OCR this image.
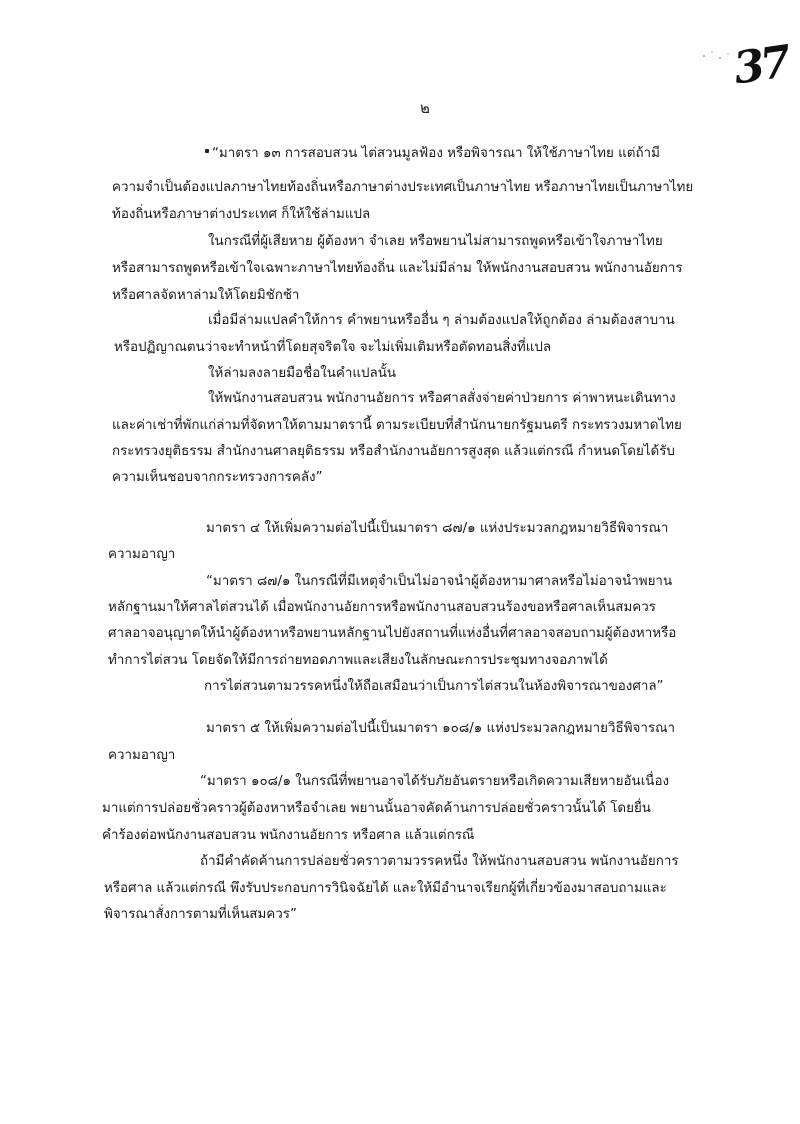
37
๒
“มาตรา ๑๓ การสอบสวน ไต่สวนมูลฟ้อง หรือพิจารณา ให้ใช้ภาษาไทย แต่ถ้ามี
ความจำเป็นต้องแปลภาษาไทยท้องถิ่นหรือภาษาต่างประเทศเป็นภาษาไทย หรือภาษาไทยเป็นภาษาไทย
ท้องถิ่นหรือภาษาต่างประเทศ ก็ให้ใช้ล่ามแปล
ในกรณีที่ผู้เสียหาย ผู้ต้องหา จำเลย หรือพยานไม่สามารถพูดหรือเข้าใจภาษาไทย
หรือสามารถพูดหรือเข้าใจเฉพาะภาษาไทยท้องถิ่น และไม่มีล่าม ให้พนักงานสอบสวน พนักงานอัยการ
หรือศาลจัดหาล่ามให้โดยมิชักช้า
เมื่อมีล่ามแปลคำให้การ คำพยานหรืออื่น ๆ ล่ามต้องแปลให้ถูกต้อง ล่ามต้องสาบาน
หรือปฏิญาณตนว่าจะทำหน้าที่โดยสุจริตใจ จะไม่เพิ่มเติมหรือตัดทอนสิ่งที่แปล
ให้ล่ามลงลายมือชื่อในคำแปลนั้น
ให้พนักงานสอบสวน พนักงานอัยการ หรือศาลสั่งจ่ายค่าป่วยการ ค่าพาหนะเดินทาง
และค่าเช่าที่พักแก่ล่ามที่จัดหาให้ตามมาตรานี้ ตามระเบียบที่สำนักนายกรัฐมนตรี กระทรวงมหาดไทย
กระทรวงยุติธรรม สำนักงานศาลยุติธรรม หรือสำนักงานอัยการสูงสุด แล้วแต่กรณี กำหนดโดยได้รับ
ความเห็นชอบจากกระทรวงการคลัง”
มาตรา ๔ ให้เพิ่มความต่อไปนี้เป็นมาตรา ๘๗/๑ แห่งประมวลกฎหมายวิธีพิจารณา
ความอาญา
“มาตรา ๘๗/๑ ในกรณีที่มีเหตุจำเป็นไม่อาจนำผู้ต้องหามาศาลหรือไม่อาจนำพยาน
หลักฐานมาให้ศาลไต่สวนได้ เมื่อพนักงานอัยการหรือพนักงานสอบสวนร้องขอหรือศาลเห็นสมควร
ศาลอาจอนุญาตให้นำผู้ต้องหาหรือพยานหลักฐานไปยังสถานที่แห่งอื่นที่ศาลอาจสอบถามผู้ต้องหาหรือ
ทำการไต่สวน โดยจัดให้มีการถ่ายทอดภาพและเสียงในลักษณะการประชุมทางจอภาพได้
การไต่สวนตามวรรคหนึ่งให้ถือเสมือนว่าเป็นการไต่สวนในห้องพิจารณาของศาล”
มาตรา ๕ ให้เพิ่มความต่อไปนี้เป็นมาตรา ๑๐๘/๑ แห่งประมวลกฎหมายวิธีพิจารณา
ความอาญา
“มาตรา ๑๐๘/๑ ในกรณีที่พยานอาจได้รับภัยอันตรายหรือเกิดความเสียหายอันเนื่อง
มาแต่การปล่อยชั่วคราวผู้ต้องหาหรือจำเลย พยานนั้นอาจคัดค้านการปล่อยชั่วคราวนั้นได้ โดยยื่น
คำร้องต่อพนักงานสอบสวน พนักงานอัยการ หรือศาล แล้วแต่กรณี
ถ้ามีคำคัดค้านการปล่อยชั่วคราวตามวรรคหนึ่ง ให้พนักงานสอบสวน พนักงานอัยการ
หรือศาล แล้วแต่กรณี พึงรับประกอบการวินิจฉัยได้ และให้มีอำนาจเรียกผู้ที่เกี่ยวข้องมาสอบถามและ
พิจารณาสั่งการตามที่เห็นสมควร”
